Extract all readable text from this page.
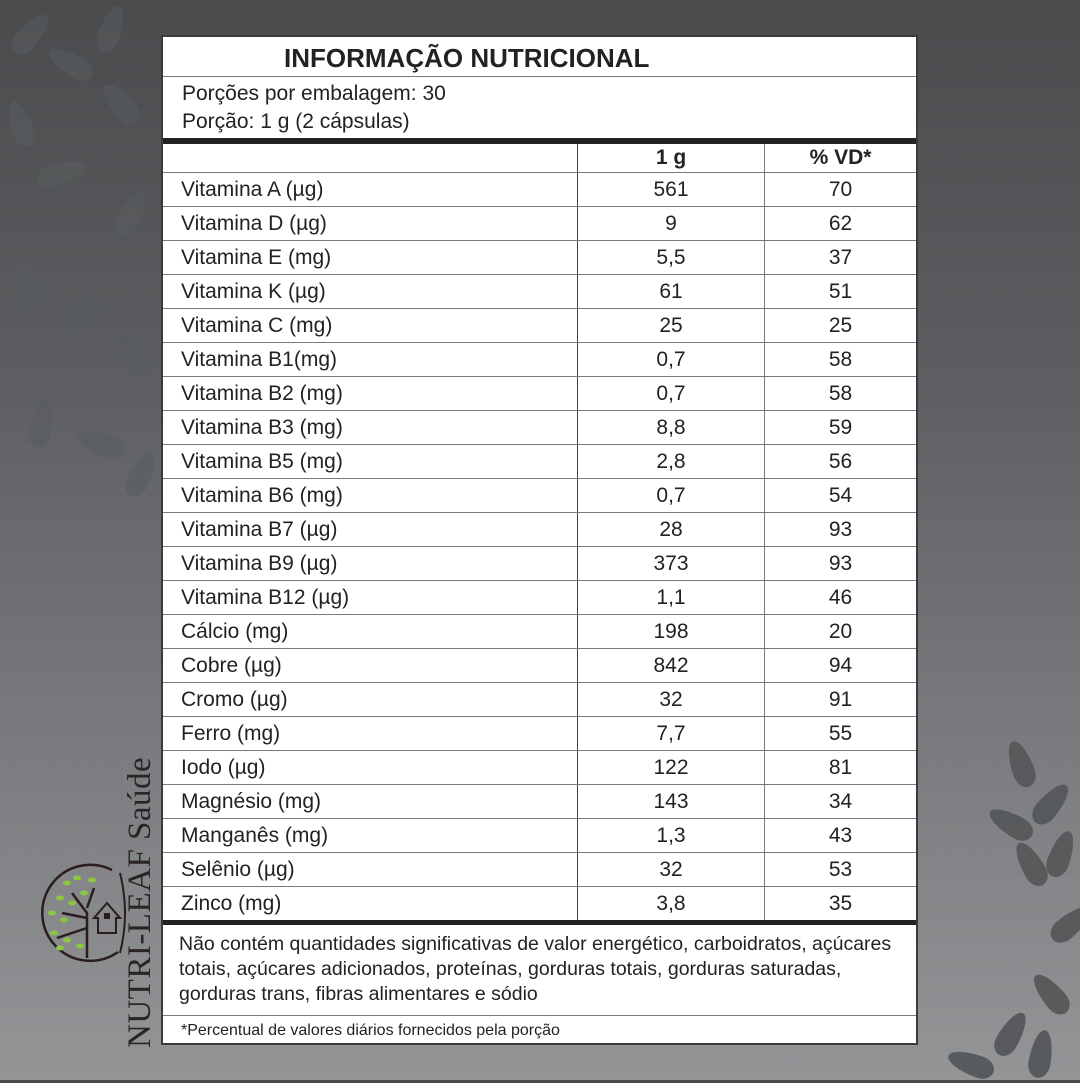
INFORMAÇÃO NUTRICIONAL
Porções por embalagem: 30
Porção: 1 g (2 cápsulas)
	1 g	% VD*
Vitamina A (µg)	561	70
Vitamina D (µg)	9	62
Vitamina E (mg)	5,5	37
Vitamina K (µg)	61	51
Vitamina C (mg)	25	25
Vitamina B1(mg)	0,7	58
Vitamina B2 (mg)	0,7	58
Vitamina B3 (mg)	8,8	59
Vitamina B5 (mg)	2,8	56
Vitamina B6 (mg)	0,7	54
Vitamina B7 (µg)	28	93
Vitamina B9 (µg)	373	93
Vitamina B12 (µg)	1,1	46
Cálcio (mg)	198	20
Cobre (µg)	842	94
Cromo (µg)	32	91
Ferro (mg)	7,7	55
Iodo (µg)	122	81
Magnésio (mg)	143	34
Manganês (mg)	1,3	43
Selênio (µg)	32	53
Zinco (mg)	3,8	35
Não contém quantidades significativas de valor energético, carboidratos, açúcares totais, açúcares adicionados, proteínas, gorduras totais, gorduras saturadas, gorduras trans, fibras alimentares e sódio
*Percentual de valores diários fornecidos pela porção
NUTRI-LEAF Saúde
